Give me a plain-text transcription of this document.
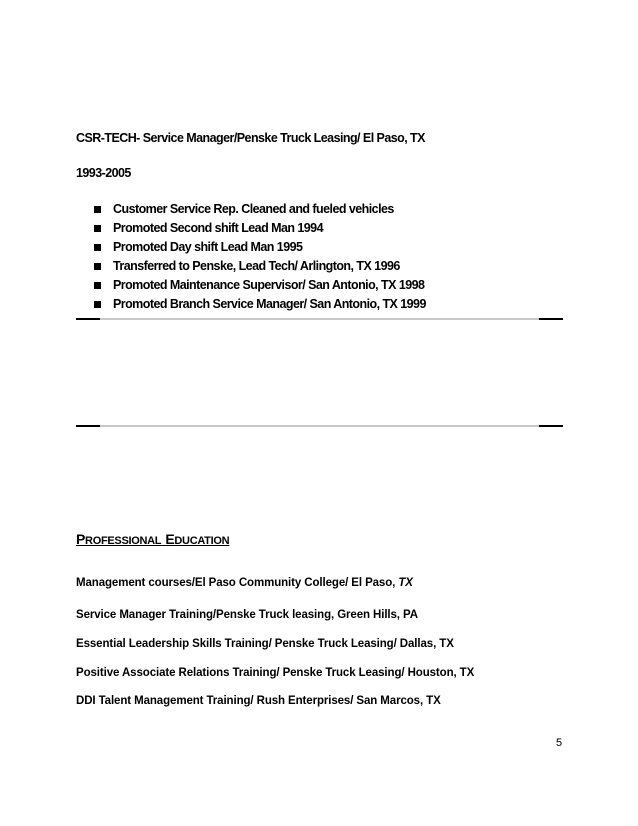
CSR-TECH- Service Manager/Penske Truck Leasing/ El Paso, TX
1993-2005
Customer Service Rep. Cleaned and fueled vehicles
Promoted Second shift Lead Man 1994
Promoted Day shift Lead Man 1995
Transferred to Penske, Lead Tech/ Arlington, TX 1996
Promoted Maintenance Supervisor/ San Antonio, TX 1998
Promoted Branch Service Manager/ San Antonio, TX 1999
PROFESSIONAL EDUCATION
Management courses/El Paso Community College/ El Paso, TX
Service Manager Training/Penske Truck leasing, Green Hills, PA
Essential Leadership Skills Training/ Penske Truck Leasing/ Dallas, TX
Positive Associate Relations Training/ Penske Truck Leasing/ Houston, TX
DDI Talent Management Training/ Rush Enterprises/ San Marcos, TX
5
